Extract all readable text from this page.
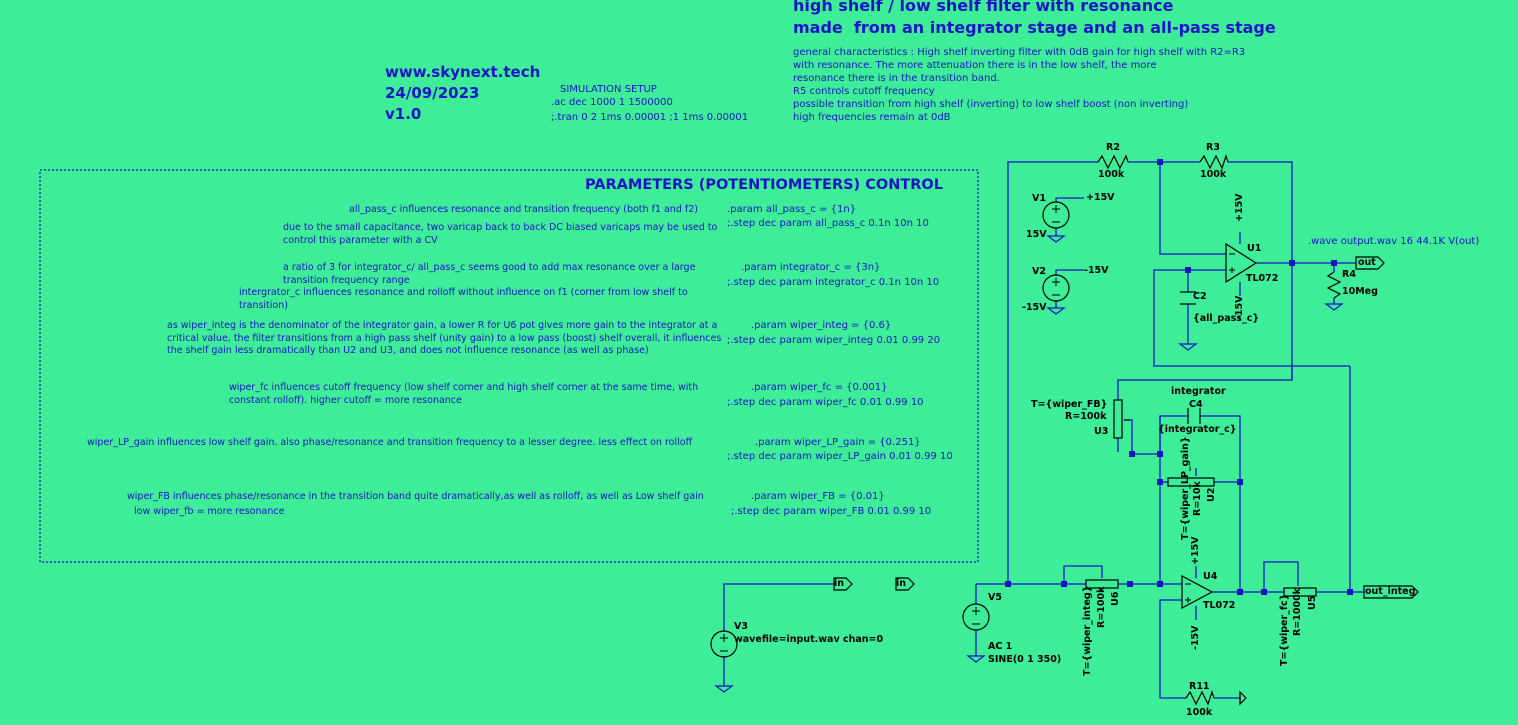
high shelf / low shelf filter with resonance
made  from an integrator stage and an all-pass stage
general characteristics : High shelf inverting filter with 0dB gain for high shelf with R2=R3
with resonance. The more attenuation there is in the low shelf, the more
resonance there is in the transition band.
R5 controls cutoff frequency
possible transition from high shelf (inverting) to low shelf boost (non inverting)
high frequencies remain at 0dB
www.skynext.tech
24/09/2023
v1.0
SIMULATION SETUP
.ac dec 1000 1 1500000
;.tran 0 2 1ms 0.00001 ;1 1ms 0.00001
PARAMETERS (POTENTIOMETERS) CONTROL
all_pass_c influences resonance and transition frequency (both f1 and f2)
due to the small capacitance, two varicap back to back DC biased varicaps may be used to control this parameter with a CV
.param all_pass_c = {1n}
;.step dec param all_pass_c 0.1n 10n 10
a ratio of 3 for integrator_c/ all_pass_c seems good to add max resonance over a large transition frequency range
.param integrator_c = {3n}
;.step dec param integrator_c 0.1n 10n 10
intergrator_c influences resonance and rolloff without influence on f1 (corner from low shelf to transition)
as wiper_integ is the denominator of the integrator gain, a lower R for U6 pot gives more gain to the integrator at a critical value, the filter transitions from a high pass shelf (unity gain) to a low pass (boost) shelf overall, it influences the shelf gain less dramatically than U2 and U3, and does not influence resonance (as well as phase)
.param wiper_integ = {0.6}
;.step dec param wiper_integ 0.01 0.99 20
wiper_fc influences cutoff frequency (low shelf corner and high shelf corner at the same time, with constant rolloff). higher cutoff = more resonance
.param wiper_fc = {0.001}
;.step dec param wiper_fc 0.01 0.99 10
wiper_LP_gain influences low shelf gain. also phase/resonance and transition frequency to a lesser degree. less effect on rolloff	.param wiper_LP_gain = {0.251}
;.step dec param wiper_LP_gain 0.01 0.99 10
wiper_FB influences phase/resonance in the transition band quite dramatically,as well as rolloff, as well as Low shelf gain
low wiper_fb = more resonance
.param wiper_FB = {0.01}
;.step dec param wiper_FB 0.01 0.99 10
.wave output.wav 16 44.1K V(out)
R2
100k
R3
100k
V1	+15V
15V
V2	-15V
-15V
U1
TL072
+15V
-15V
C2
{all_pass_c}
R4
10Meg
integrator
C4
{integrator_c}
T={wiper_FB}
R=100k
U3
T={wiper_LP_gain} R=10k U2
U4
TL072
+15V
-15V
T={wiper_integ} R=100k U6	T={wiper_fc} R=1000k U5
V5
AC 1
SINE(0 1 350)
V3
wavefile=input.wav chan=0
R11
100k
out
in	in
out_integ
